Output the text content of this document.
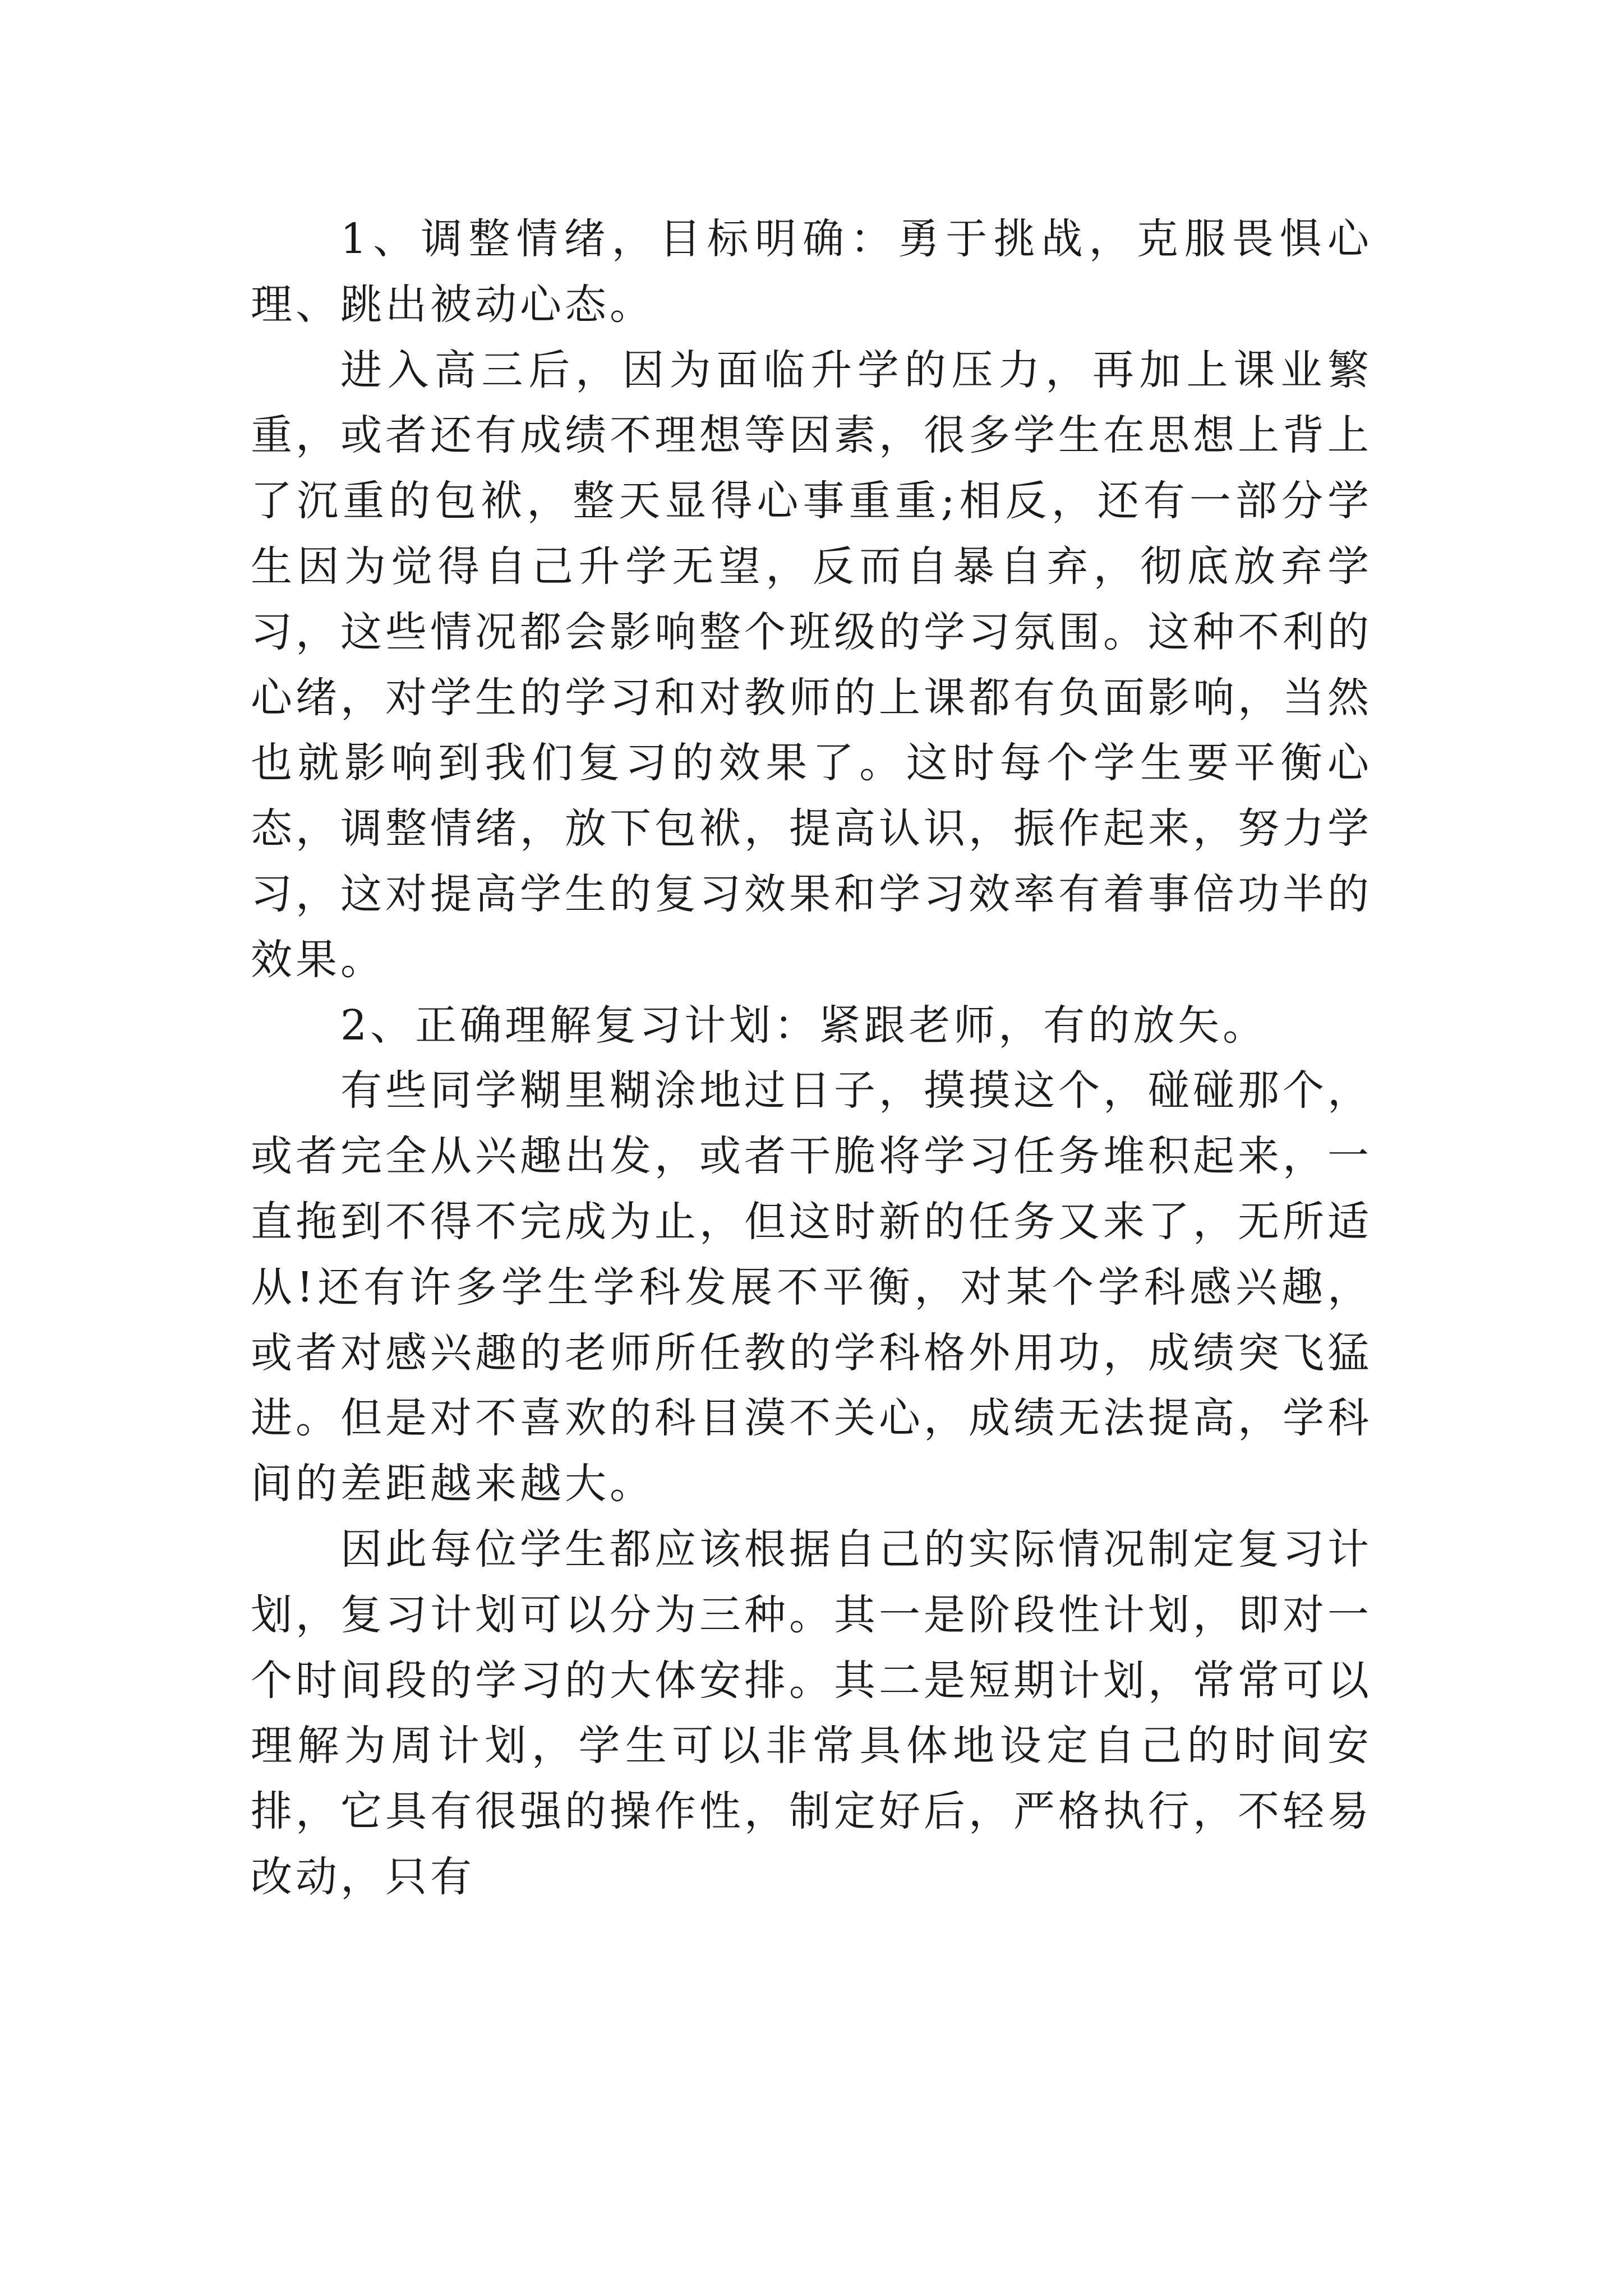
1、调整情绪，目标明确：勇于挑战，克服畏惧心理、跳出被动心态。

进入高三后，因为面临升学的压力，再加上课业繁重，或者还有成绩不理想等因素，很多学生在思想上背上了沉重的包袱，整天显得心事重重;相反，还有一部分学生因为觉得自己升学无望，反而自暴自弃，彻底放弃学习，这些情况都会影响整个班级的学习氛围。这种不利的心绪，对学生的学习和对教师的上课都有负面影响，当然也就影响到我们复习的效果了。这时每个学生要平衡心态，调整情绪，放下包袱，提高认识，振作起来，努力学习，这对提高学生的复习效果和学习效率有着事倍功半的效果。

2、正确理解复习计划：紧跟老师，有的放矢。

有些同学糊里糊涂地过日子，摸摸这个，碰碰那个，或者完全从兴趣出发，或者干脆将学习任务堆积起来，一直拖到不得不完成为止，但这时新的任务又来了，无所适从!还有许多学生学科发展不平衡，对某个学科感兴趣，或者对感兴趣的老师所任教的学科格外用功，成绩突飞猛进。但是对不喜欢的科目漠不关心，成绩无法提高，学科间的差距越来越大。

因此每位学生都应该根据自己的实际情况制定复习计划，复习计划可以分为三种。其一是阶段性计划，即对一个时间段的学习的大体安排。其二是短期计划，常常可以理解为周计划，学生可以非常具体地设定自己的时间安排，它具有很强的操作性，制定好后，严格执行，不轻易改动，只有
